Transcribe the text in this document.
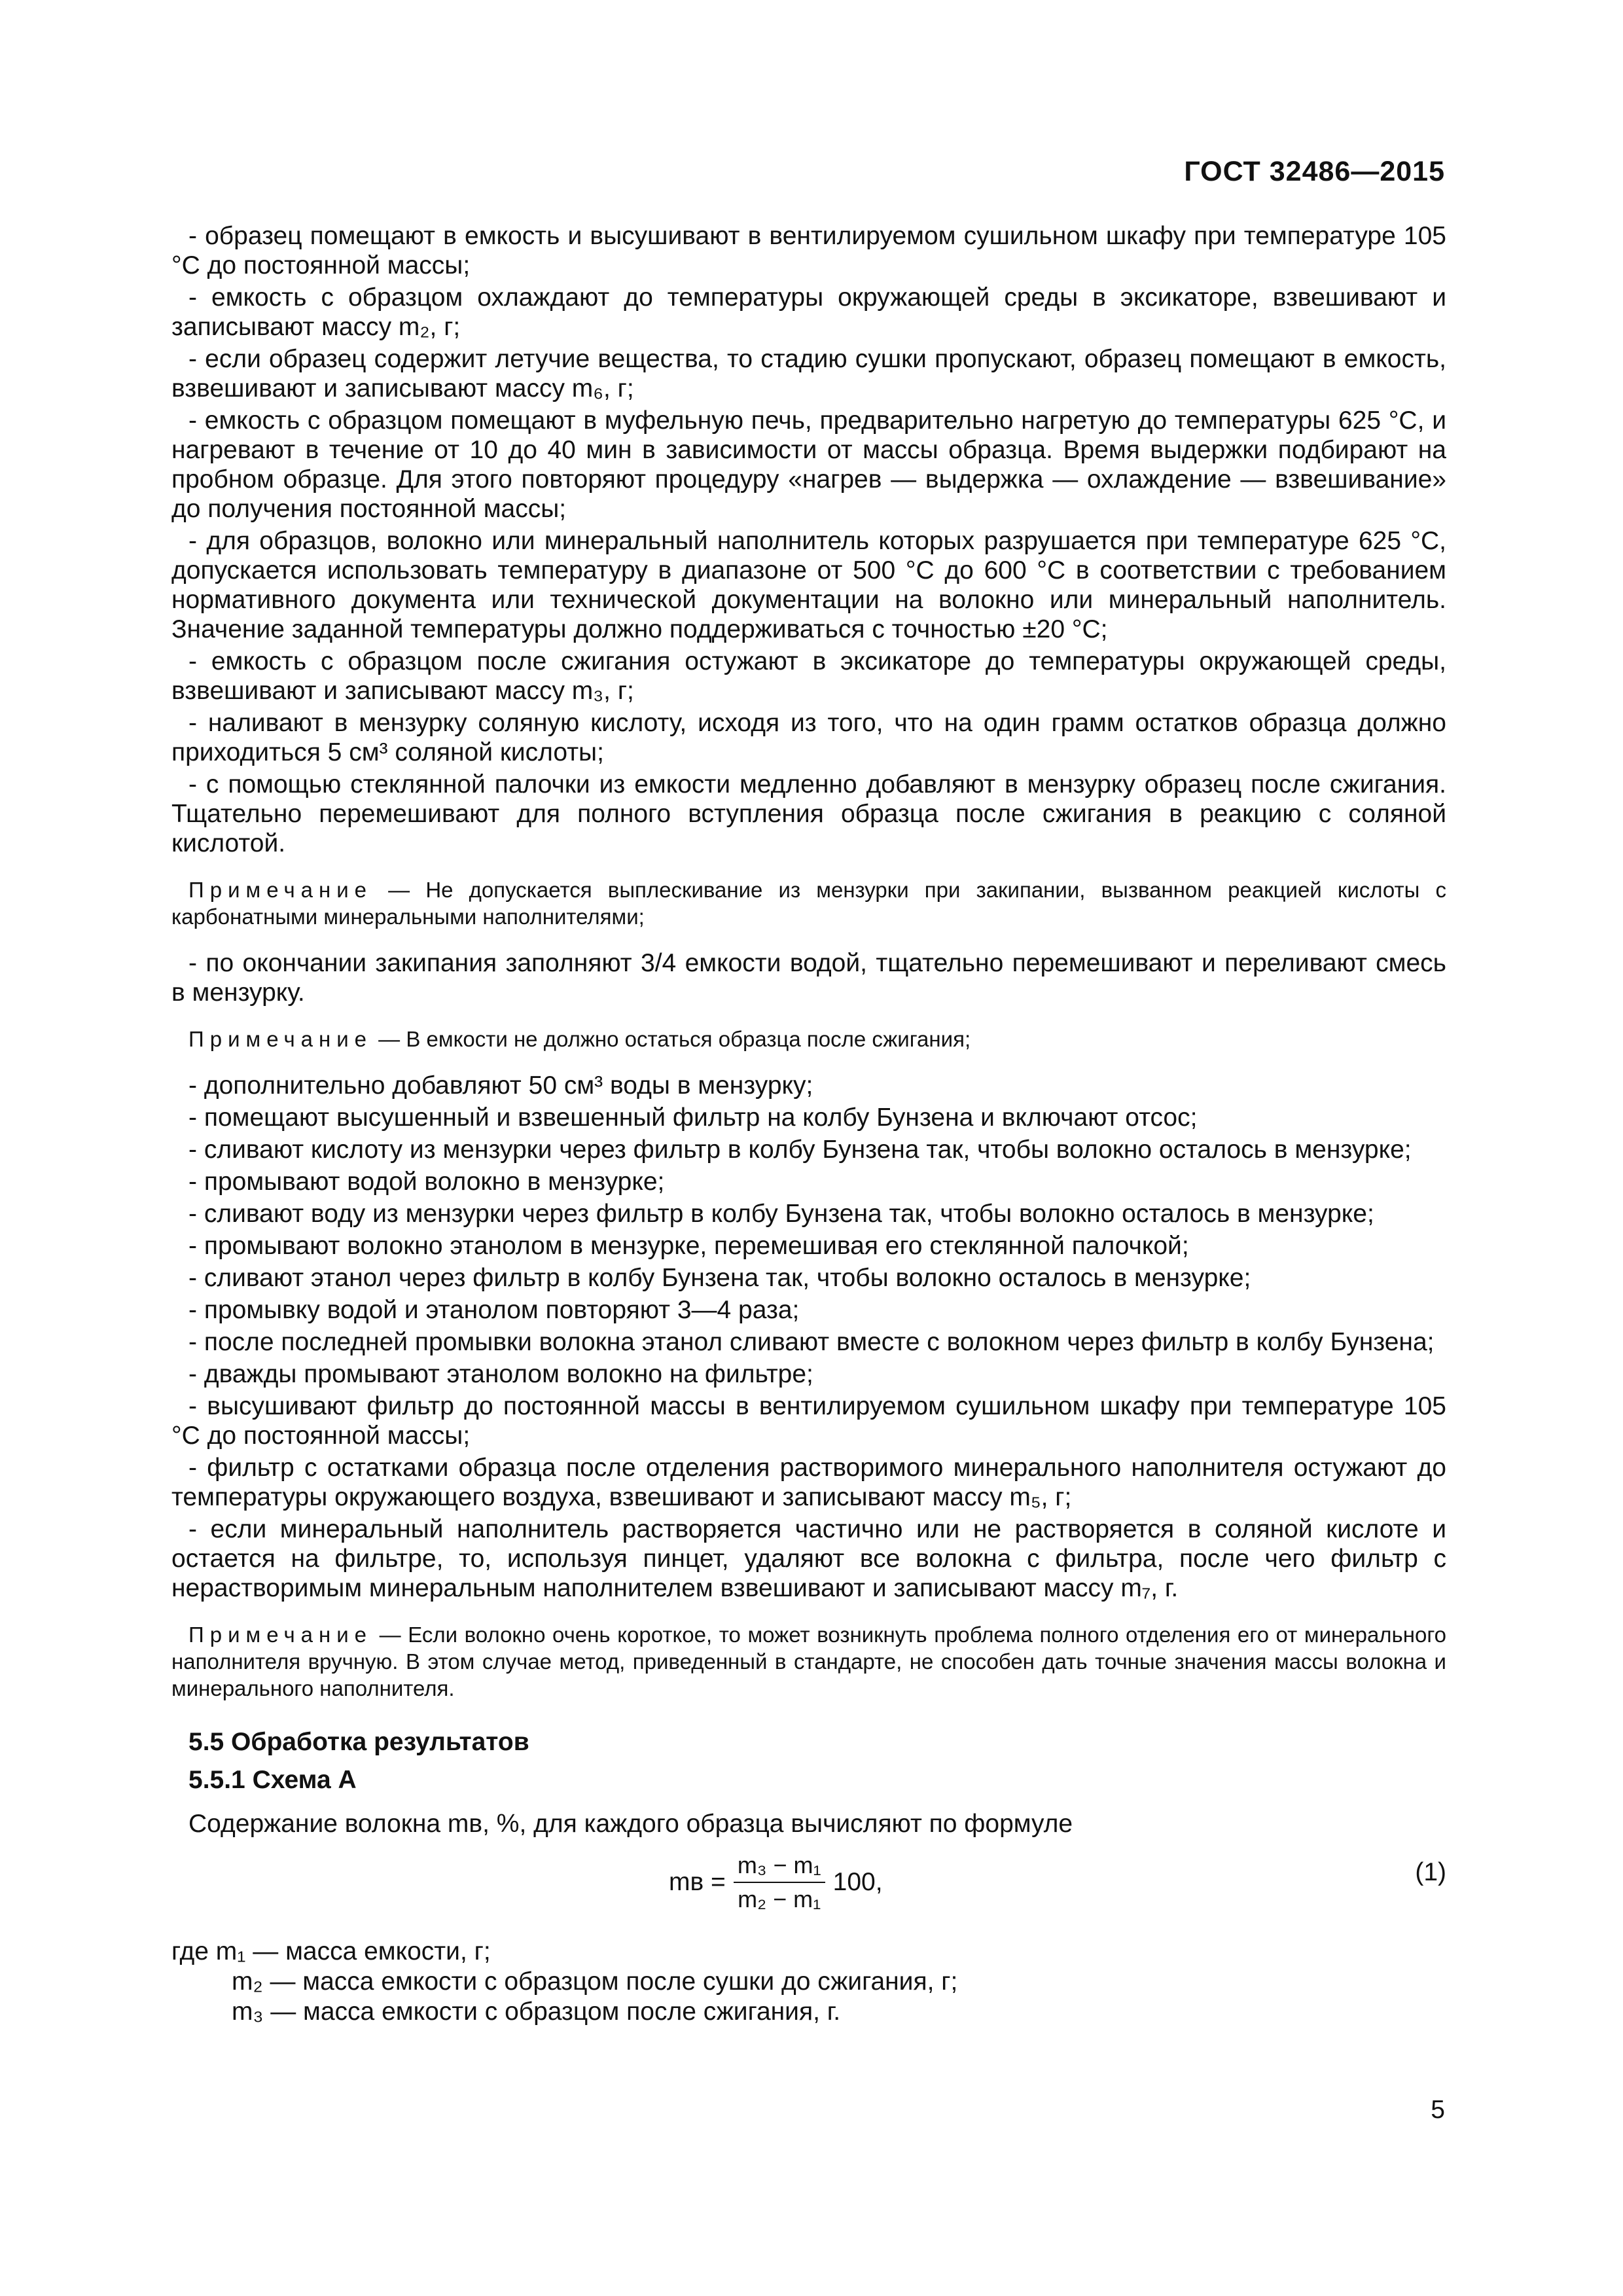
ГОСТ 32486—2015

- образец помещают в емкость и высушивают в вентилируемом сушильном шкафу при температуре 105 °С до постоянной массы;

- емкость с образцом охлаждают до температуры окружающей среды в эксикаторе, взвешивают и записывают массу m₂, г;

- если образец содержит летучие вещества, то стадию сушки пропускают, образец помещают в емкость, взвешивают и записывают массу m₆, г;

- емкость с образцом помещают в муфельную печь, предварительно нагретую до температуры 625 °С, и нагревают в течение от 10 до 40 мин в зависимости от массы образца. Время выдержки подбирают на пробном образце. Для этого повторяют процедуру «нагрев — выдержка — охлаждение — взвешивание» до получения постоянной массы;

- для образцов, волокно или минеральный наполнитель которых разрушается при температуре 625 °С, допускается использовать температуру в диапазоне от 500 °С до 600 °С в соответствии с требованием нормативного документа или технической документации на волокно или минеральный наполнитель. Значение заданной температуры должно поддерживаться с точностью ±20 °С;

- емкость с образцом после сжигания остужают в эксикаторе до температуры окружающей среды, взвешивают и записывают массу m₃, г;

- наливают в мензурку соляную кислоту, исходя из того, что на один грамм остатков образца должно приходиться 5 см³ соляной кислоты;

- с помощью стеклянной палочки из емкости медленно добавляют в мензурку образец после сжигания. Тщательно перемешивают для полного вступления образца после сжигания в реакцию с соляной кислотой.

Примечание — Не допускается выплескивание из мензурки при закипании, вызванном реакцией кислоты с карбонатными минеральными наполнителями;

- по окончании закипания заполняют 3/4 емкости водой, тщательно перемешивают и переливают смесь в мензурку.

Примечание — В емкости не должно остаться образца после сжигания;

- дополнительно добавляют 50 см³ воды в мензурку;

- помещают высушенный и взвешенный фильтр на колбу Бунзена и включают отсос;

- сливают кислоту из мензурки через фильтр в колбу Бунзена так, чтобы волокно осталось в мензурке;

- промывают водой волокно в мензурке;

- сливают воду из мензурки через фильтр в колбу Бунзена так, чтобы волокно осталось в мензурке;

- промывают волокно этанолом в мензурке, перемешивая его стеклянной палочкой;

- сливают этанол через фильтр в колбу Бунзена так, чтобы волокно осталось в мензурке;

- промывку водой и этанолом повторяют 3—4 раза;

- после последней промывки волокна этанол сливают вместе с волокном через фильтр в колбу Бунзена;

- дважды промывают этанолом волокно на фильтре;

- высушивают фильтр до постоянной массы в вентилируемом сушильном шкафу при температуре 105 °С до постоянной массы;

- фильтр с остатками образца после отделения растворимого минерального наполнителя остужают до температуры окружающего воздуха, взвешивают и записывают массу m₅, г;

- если минеральный наполнитель растворяется частично или не растворяется в соляной кислоте и остается на фильтре, то, используя пинцет, удаляют все волокна с фильтра, после чего фильтр с нерастворимым минеральным наполнителем взвешивают и записывают массу m₇, г.

Примечание — Если волокно очень короткое, то может возникнуть проблема полного отделения его от минерального наполнителя вручную. В этом случае метод, приведенный в стандарте, не способен дать точные значения массы волокна и минерального наполнителя.

5.5 Обработка результатов
5.5.1 Схема А

Содержание волокна mв, %, для каждого образца вычисляют по формуле

mв = $\frac{\text{m₃ − m₁}}{\text{m₂ − m₁}} 100$,	(1)

где m₁ — масса емкости, г;

m₂ — масса емкости с образцом после сушки до сжигания, г;

m₃ — масса емкости с образцом после сжигания, г.

5
